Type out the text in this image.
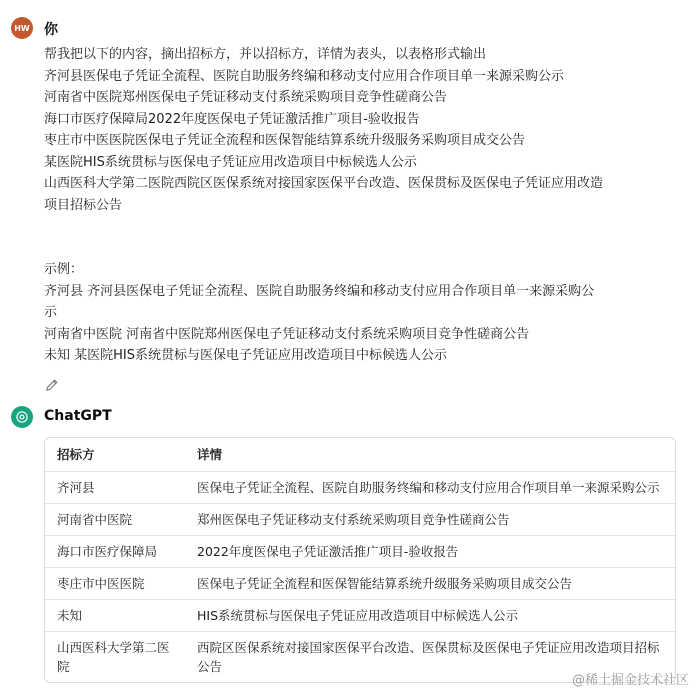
HW 你
帮我把以下的内容，摘出招标方，并以招标方，详情为表头，以表格形式输出
齐河县医保电子凭证全流程、医院自助服务终编和移动支付应用合作项目单一来源采购公示
河南省中医院郑州医保电子凭证移动支付系统采购项目竞争性磋商公告
海口市医疗保障局2022年度医保电子凭证激活推广项目-验收报告
枣庄市中医医院医保电子凭证全流程和医保智能结算系统升级服务采购项目成交公告
某医院HIS系统贯标与医保电子凭证应用改造项目中标候选人公示
山西医科大学第二医院西院区医保系统对接国家医保平台改造、医保贯标及医保电子凭证应用改造
项目招标公告
示例：
齐河县 齐河县医保电子凭证全流程、医院自助服务终编和移动支付应用合作项目单一来源采购公
示
河南省中医院 河南省中医院郑州医保电子凭证移动支付系统采购项目竞争性磋商公告
未知 某医院HIS系统贯标与医保电子凭证应用改造项目中标候选人公示
ChatGPT
招标方	详情
齐河县	医保电子凭证全流程、医院自助服务终编和移动支付应用合作项目单一来源采购公示
河南省中医院	郑州医保电子凭证移动支付系统采购项目竞争性磋商公告
海口市医疗保障局	2022年度医保电子凭证激活推广项目-验收报告
枣庄市中医医院	医保电子凭证全流程和医保智能结算系统升级服务采购项目成交公告
未知	HIS系统贯标与医保电子凭证应用改造项目中标候选人公示
山西医科大学第二医院	西院区医保系统对接国家医保平台改造、医保贯标及医保电子凭证应用改造项目招标公告
@稀土掘金技术社区
